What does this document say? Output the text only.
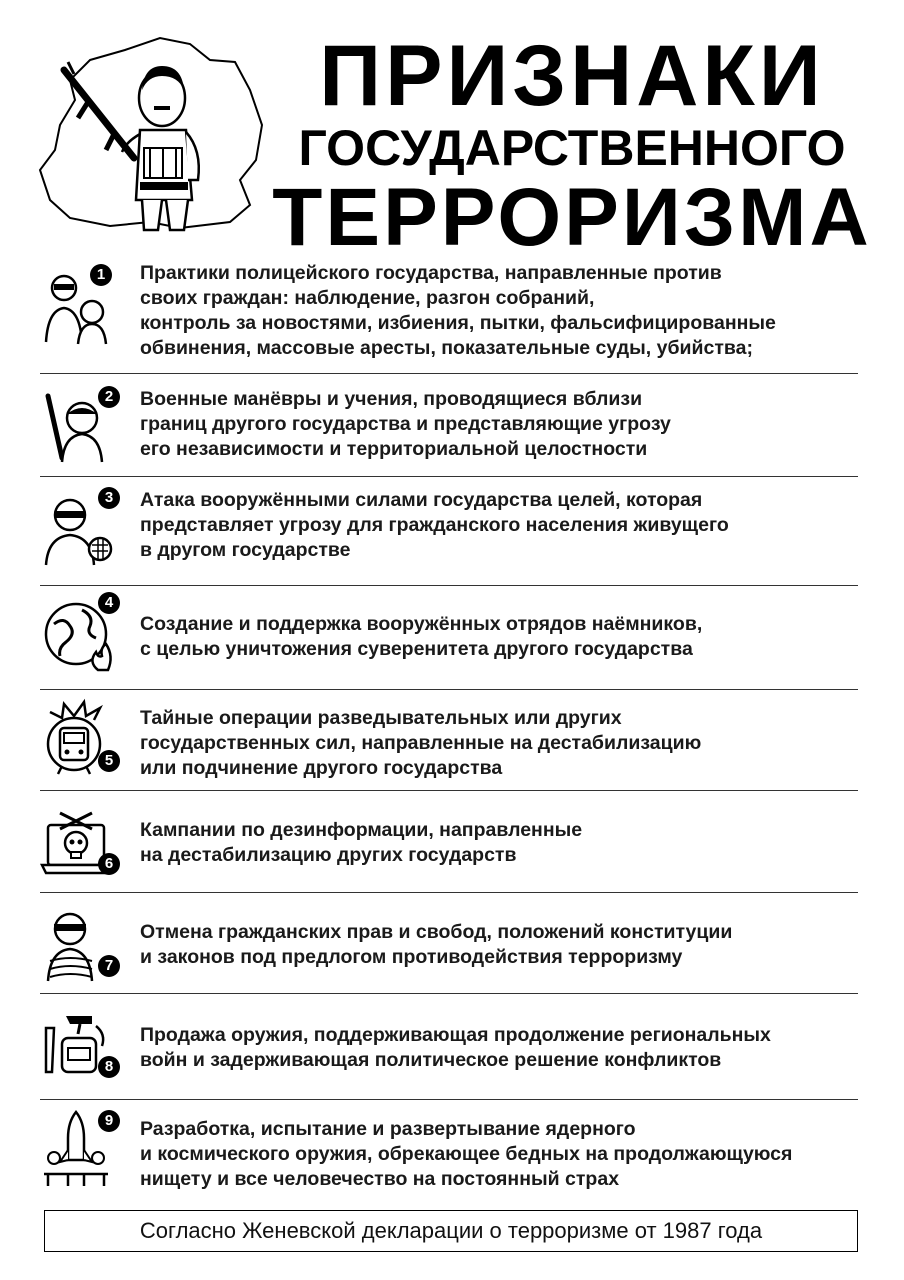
ПРИЗНАКИ
ГОСУДАРСТВЕННОГО
ТЕРРОРИЗМА
1	Практики полицейского государства, направленные против
своих граждан: наблюдение, разгон собраний,
контроль за новостями, избиения, пытки, фальсифицированные
обвинения, массовые аресты, показательные суды, убийства;
2	Военные манёвры и учения, проводящиеся вблизи
границ другого государства и представляющие угрозу
его независимости и территориальной целостности
3	Атака вооружёнными силами государства целей, которая
представляет угрозу для гражданского населения живущего
в другом государстве
4
Создание и поддержка вооружённых отрядов наёмников,
с целью уничтожения суверенитета другого государства
5
Тайные операции разведывательных или других
государственных сил, направленные на дестабилизацию
или подчинение другого государства
6
Кампании по дезинформации, направленные
на дестабилизацию других государств
7
Отмена гражданских прав и свобод, положений конституции
и законов под предлогом противодействия терроризму
8
Продажа оружия, поддерживающая продолжение региональных
войн и задерживающая политическое решение конфликтов
9	Разработка, испытание и развертывание ядерного
и космического оружия, обрекающее бедных на продолжающуюся
нищету и все человечество на постоянный страх
Согласно Женевской декларации о терроризме от 1987 года
